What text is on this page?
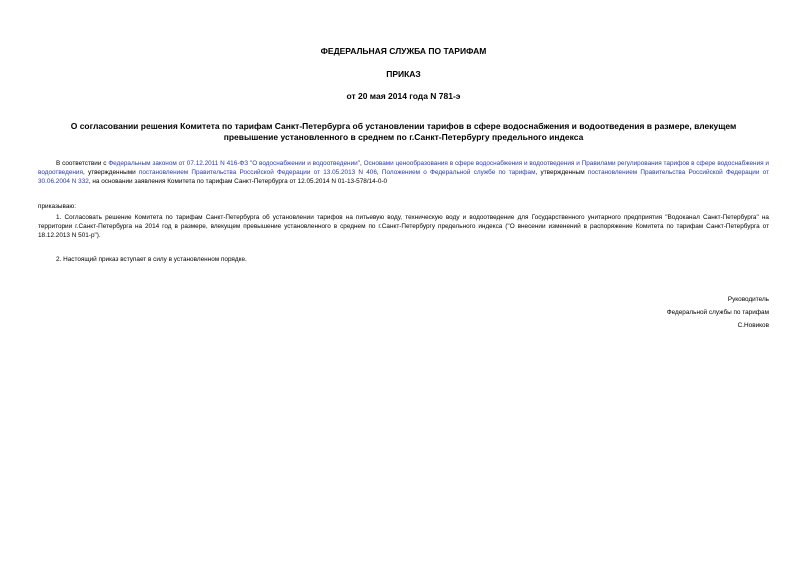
ФЕДЕРАЛЬНАЯ СЛУЖБА ПО ТАРИФАМ
ПРИКАЗ
от 20 мая 2014 года N 781-э
О согласовании решения Комитета по тарифам Санкт-Петербурга об установлении тарифов в сфере водоснабжения и водоотведения в размере, влекущем превышение установленного в среднем по г.Санкт-Петербургу предельного индекса
В соответствии с Федеральным законом от 07.12.2011 N 416-ФЗ "О водоснабжении и водоотведении", Основами ценообразования в сфере водоснабжения и водоотведения и Правилами регулирования тарифов в сфере водоснабжения и водоотведения, утвержденными постановлением Правительства Российской Федерации от 13.05.2013 N 406, Положением о Федеральной службе по тарифам, утвержденным постановлением Правительства Российской Федерации от 30.06.2004 N 332, на основании заявления Комитета по тарифам Санкт-Петербурга от 12.05.2014 N 01-13-578/14-0-0
приказываю:
1. Согласовать решение Комитета по тарифам Санкт-Петербурга об установлении тарифов на питьевую воду, техническую воду и водоотведение для Государственного унитарного предприятия "Водоканал Санкт-Петербурга" на территории г.Санкт-Петербурга на 2014 год в размере, влекущем превышение установленного в среднем по г.Санкт-Петербургу предельного индекса ("О внесении изменений в распоряжение Комитета по тарифам Санкт-Петербурга от 18.12.2013 N 501-р").
2. Настоящий приказ вступает в силу в установленном порядке.
Руководитель
Федеральной службы по тарифам
С.Новиков
